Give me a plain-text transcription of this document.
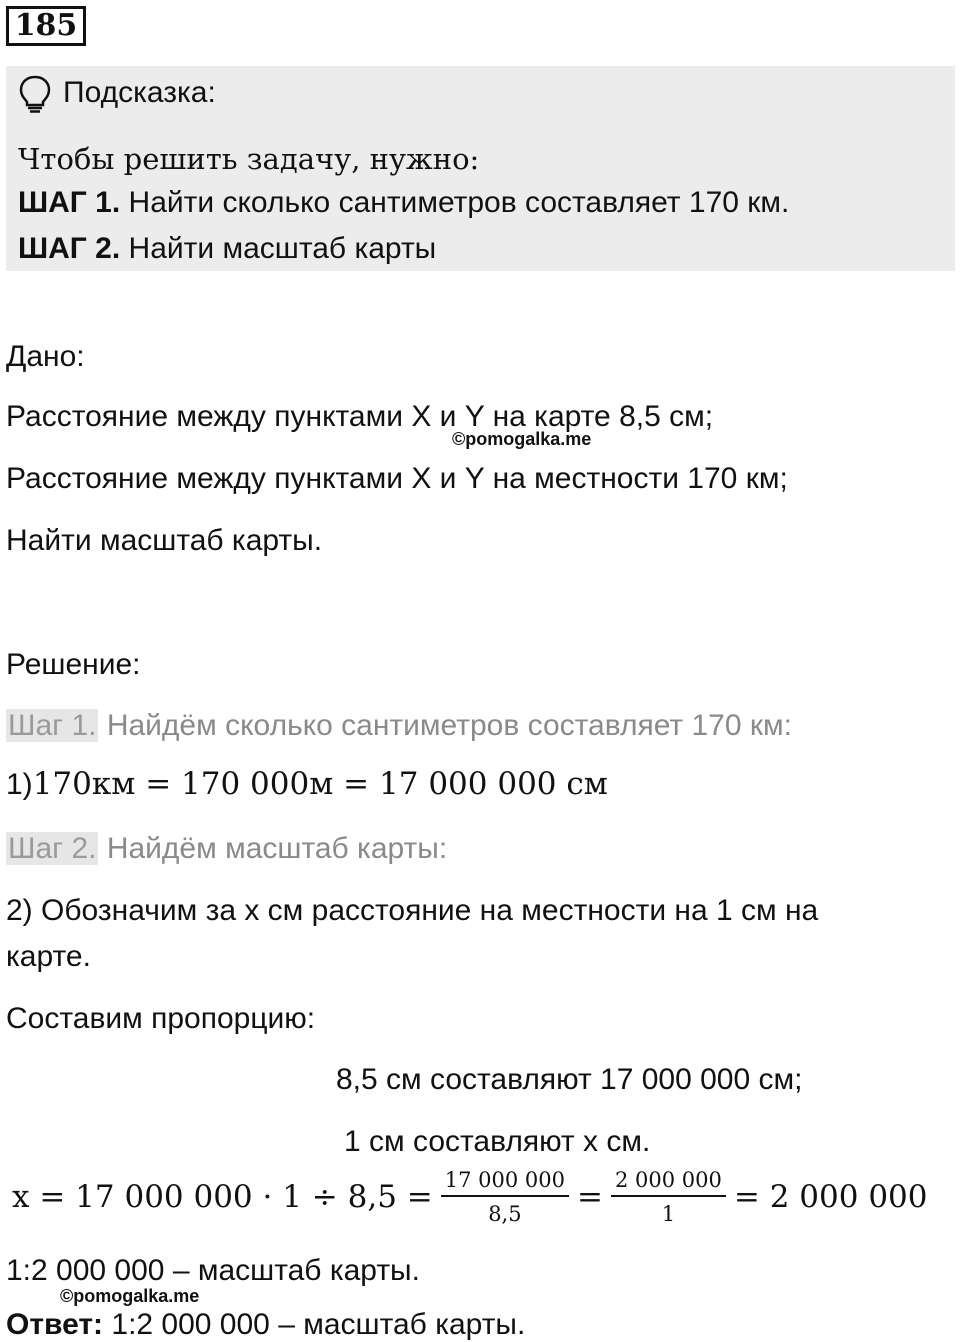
185
Подсказка:
Чтобы решить задачу, нужно:
ШАГ 1. Найти сколько сантиметров составляет 170 км.
ШАГ 2. Найти масштаб карты
Дано:
Расстояние между пунктами X и Y на карте 8,5 см;
©pomogalka.me
Расстояние между пунктами X и Y на местности 170 км;
Найти масштаб карты.
Решение:
Шаг 1. Найдём сколько сантиметров составляет 170 км:
1)170км = 170 000м = 17 000 000 см
Шаг 2. Найдём масштаб карты:
2) Обозначим за x см расстояние на местности на 1 см на
карте.
Составим пропорцию:
8,5 см составляют 17 000 000 см;
1 см составляют x см.
x = 17 000 $000 \cdot 1 \div 8,5 = \frac{17 000 000}{8,5} = \frac{2 000 000}{1} = 2$ 000 000
1:2 000 000 – масштаб карты.
©pomogalka.me
Ответ: 1:2 000 000 – масштаб карты.
